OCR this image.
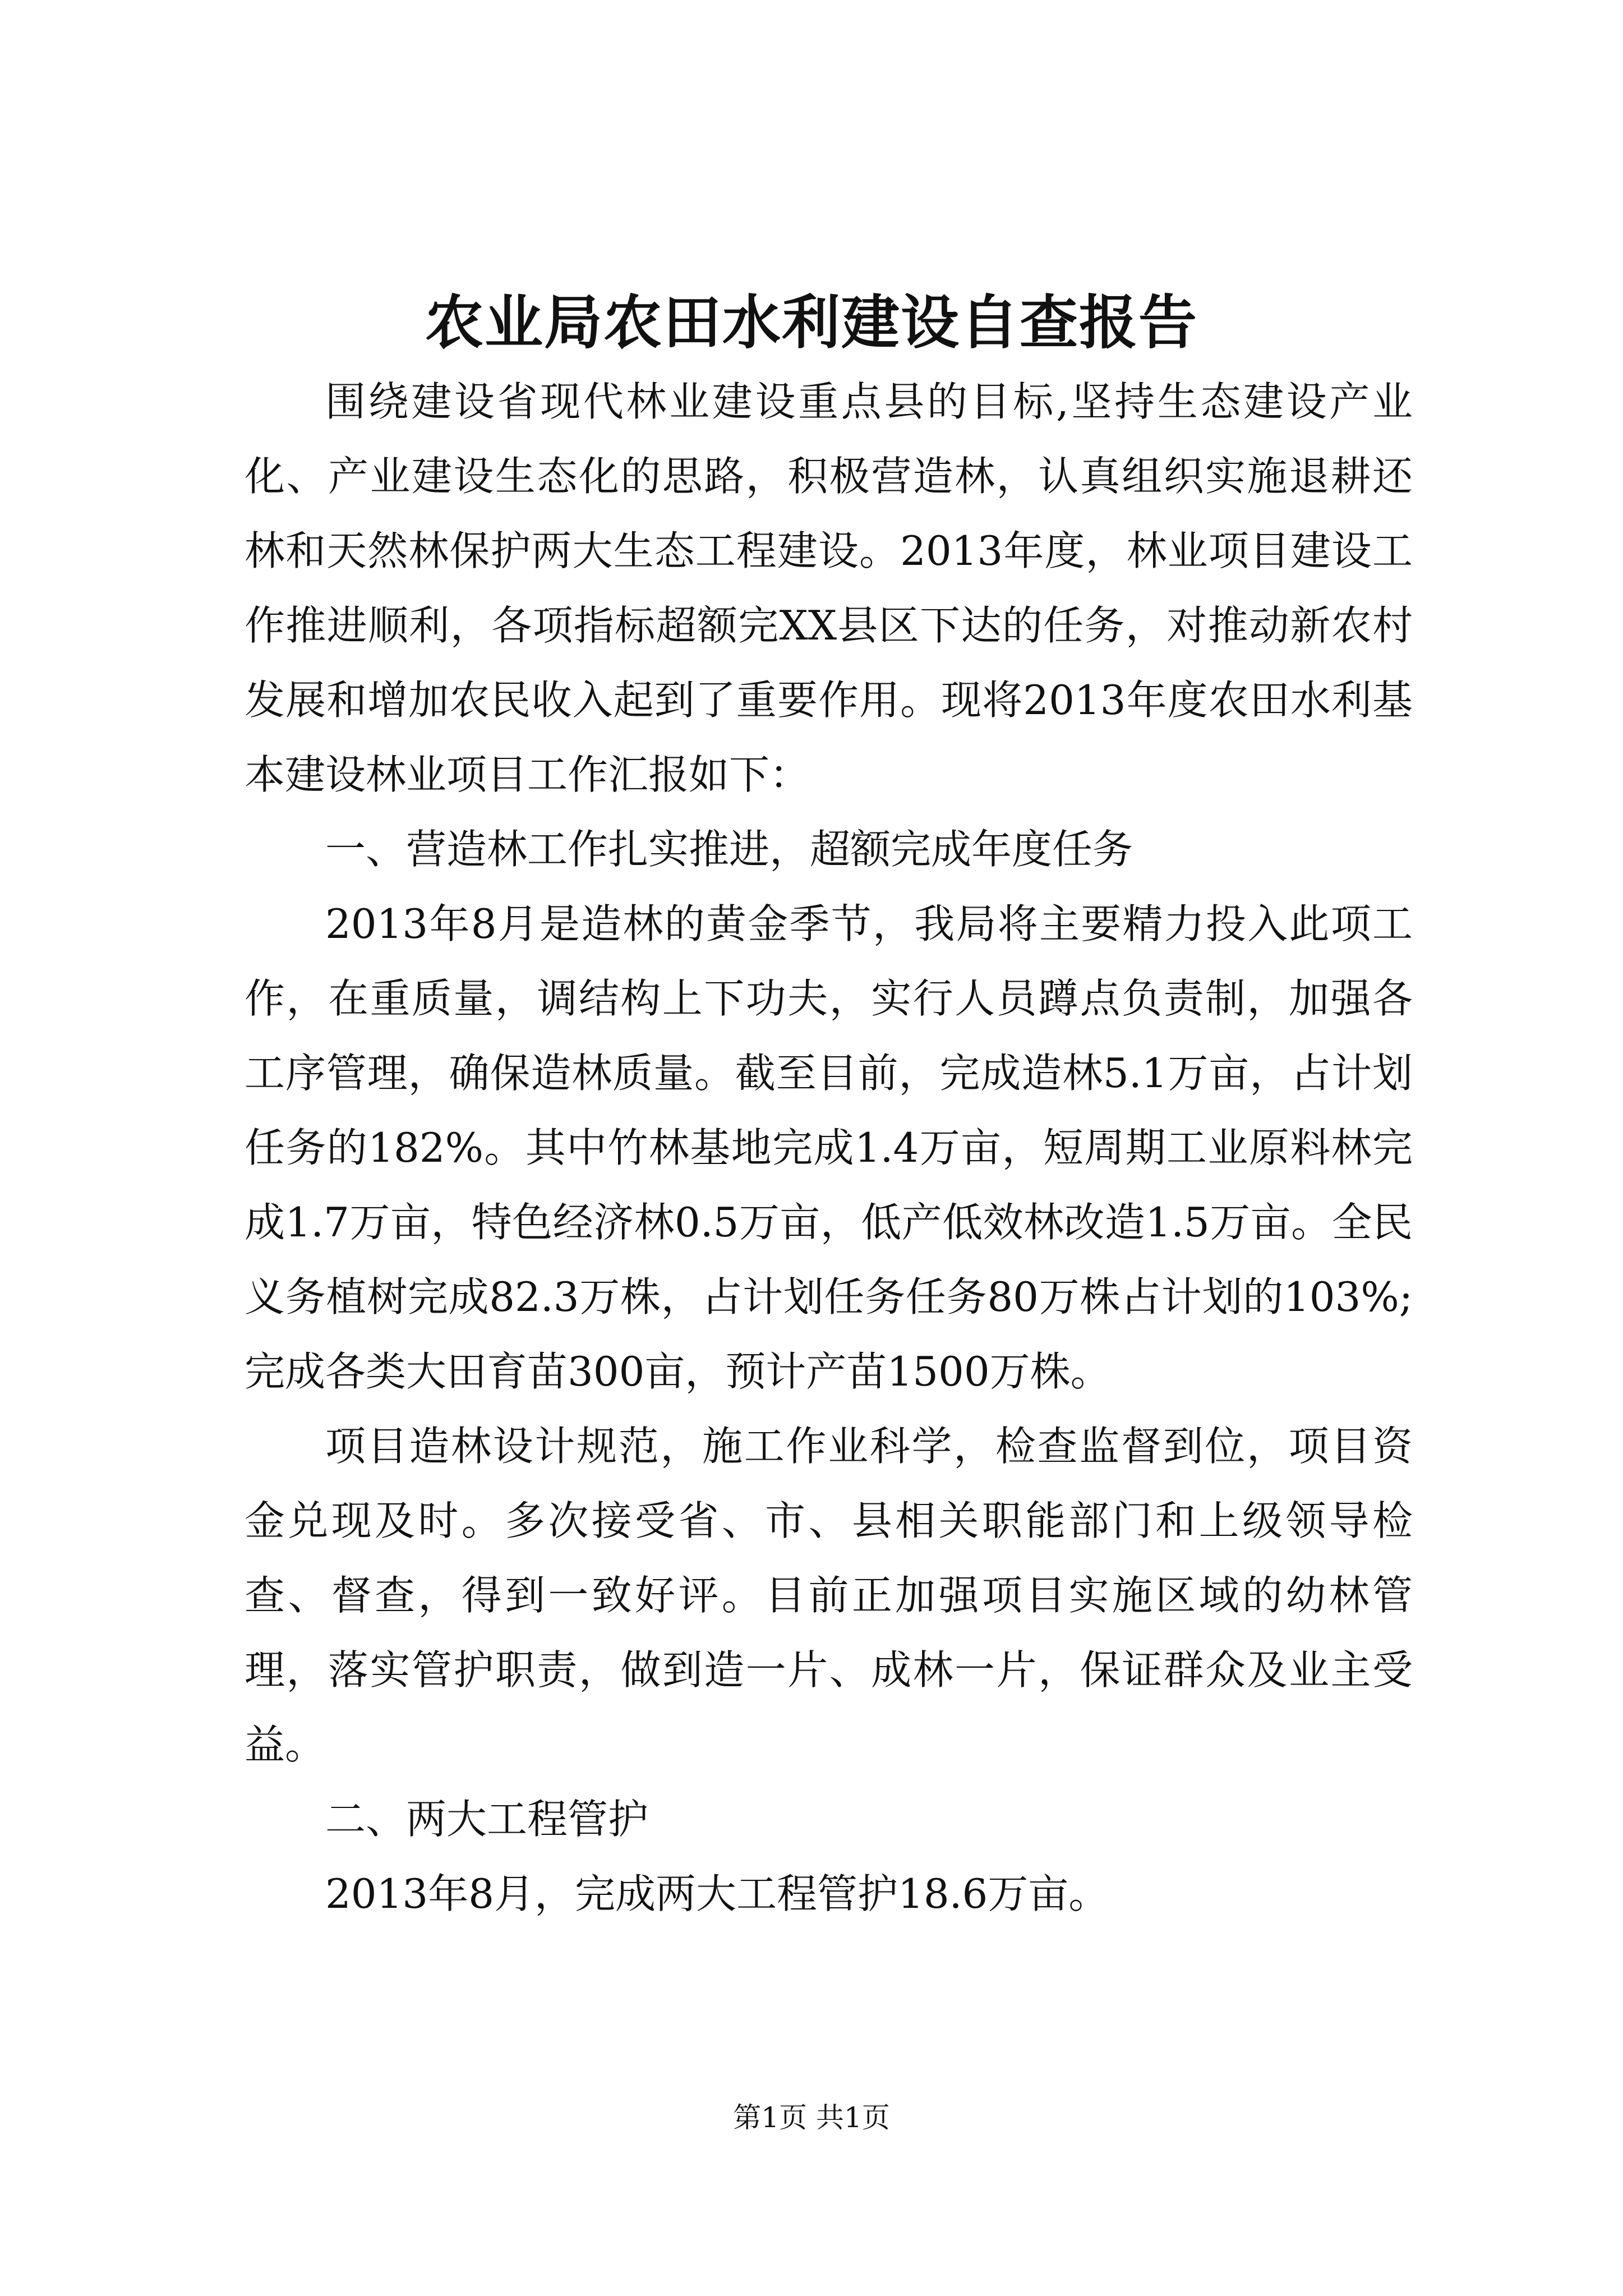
农业局农田水利建设自查报告

围绕建设省现代林业建设重点县的目标,坚持生态建设产业化、产业建设生态化的思路，积极营造林，认真组织实施退耕还林和天然林保护两大生态工程建设。2013年度，林业项目建设工作推进顺利，各项指标超额完XX县区下达的任务，对推动新农村发展和增加农民收入起到了重要作用。现将2013年度农田水利基本建设林业项目工作汇报如下：

一、营造林工作扎实推进，超额完成年度任务

2013年8月是造林的黄金季节，我局将主要精力投入此项工作，在重质量，调结构上下功夫，实行人员蹲点负责制，加强各工序管理，确保造林质量。截至目前，完成造林5.1万亩，占计划任务的182%。其中竹林基地完成1.4万亩，短周期工业原料林完成1.7万亩，特色经济林0.5万亩，低产低效林改造1.5万亩。全民义务植树完成82.3万株，占计划任务任务80万株占计划的103%;完成各类大田育苗300亩，预计产苗1500万株。

项目造林设计规范，施工作业科学，检查监督到位，项目资金兑现及时。多次接受省、市、县相关职能部门和上级领导检查、督查，得到一致好评。目前正加强项目实施区域的幼林管理，落实管护职责，做到造一片、成林一片，保证群众及业主受益。

二、两大工程管护

2013年8月，完成两大工程管护18.6万亩。

第1页 共1页
